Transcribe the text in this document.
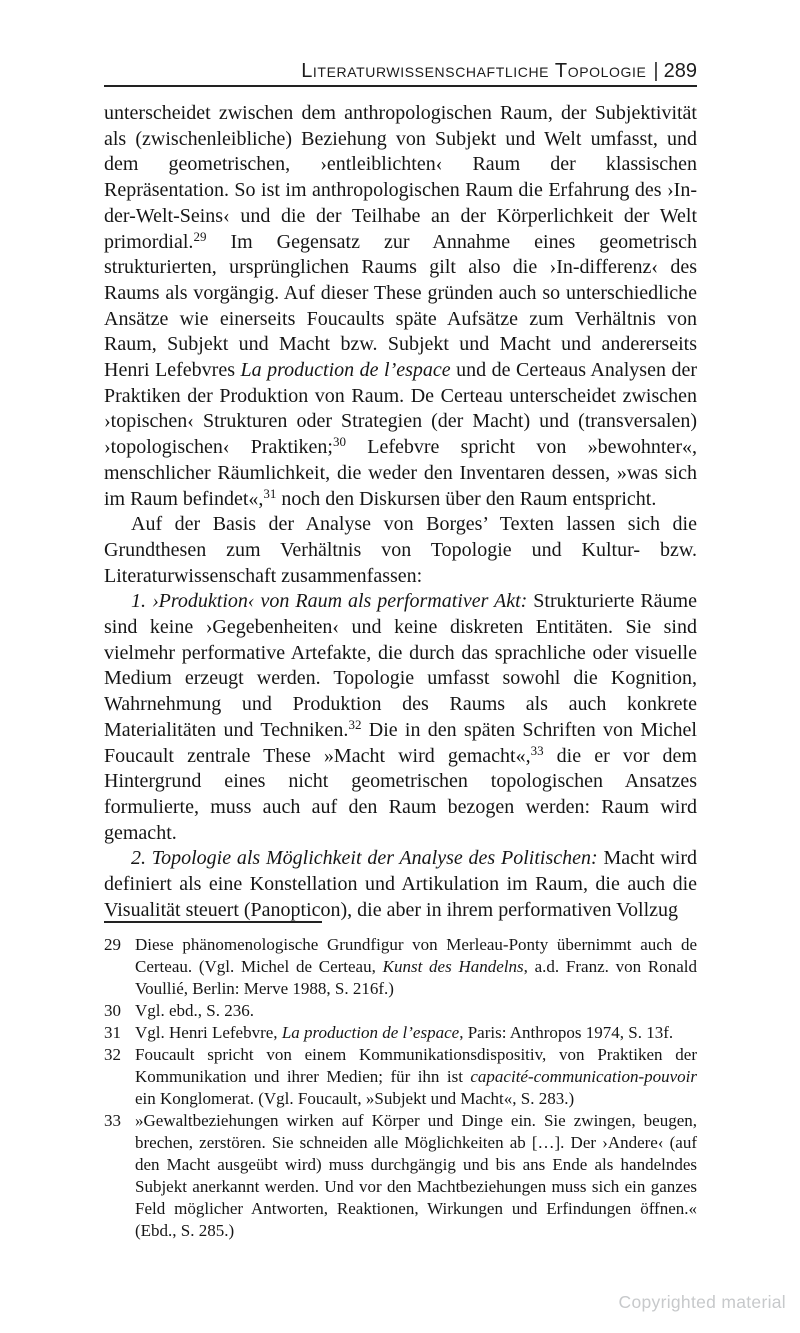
Literaturwissenschaftliche Topologie | 289

unterscheidet zwischen dem anthropologischen Raum, der Subjektivität als (zwischenleibliche) Beziehung von Subjekt und Welt umfasst, und dem geometrischen, ›entleiblichten‹ Raum der klassischen Repräsentation. So ist im anthropologischen Raum die Erfahrung des ›In-der-Welt-Seins‹ und die der Teilhabe an der Körperlichkeit der Welt primordial.$^{29}$ Im Gegensatz zur Annahme eines geometrisch strukturierten, ursprünglichen Raums gilt also die ›In-differenz‹ des Raums als vorgängig. Auf dieser These gründen auch so unterschiedliche Ansätze wie einerseits Foucaults späte Aufsätze zum Verhältnis von Raum, Subjekt und Macht bzw. Subjekt und Macht und andererseits Henri Lefebvres La production de l’espace und de Certeaus Analysen der Praktiken der Produktion von Raum. De Certeau unterscheidet zwischen ›topischen‹ Strukturen oder Strategien (der Macht) und (transversalen) ›topologischen‹ Praktiken;$^{30}$ Lefebvre spricht von »bewohnter«, menschlicher Räumlichkeit, die weder den Inventaren dessen, »was sich im Raum befindet«,$^{31}$ noch den Diskursen über den Raum entspricht.

Auf der Basis der Analyse von Borges’ Texten lassen sich die Grundthesen zum Verhältnis von Topologie und Kultur- bzw. Literaturwissenschaft zusammenfassen:

1. ›Produktion‹ von Raum als performativer Akt: Strukturierte Räume sind keine ›Gegebenheiten‹ und keine diskreten Entitäten. Sie sind vielmehr performative Artefakte, die durch das sprachliche oder visuelle Medium erzeugt werden. Topologie umfasst sowohl die Kognition, Wahrnehmung und Produktion des Raums als auch konkrete Materialitäten und Techniken.$^{32}$ Die in den späten Schriften von Michel Foucault zentrale These »Macht wird gemacht«,$^{33}$ die er vor dem Hintergrund eines nicht geometrischen topologischen Ansatzes formulierte, muss auch auf den Raum bezogen werden: Raum wird gemacht.

2. Topologie als Möglichkeit der Analyse des Politischen: Macht wird definiert als eine Konstellation und Artikulation im Raum, die auch die Visualität steuert (Panopticon), die aber in ihrem performativen Vollzug

29 Diese phänomenologische Grundfigur von Merleau-Ponty übernimmt auch de Certeau. (Vgl. Michel de Certeau, Kunst des Handelns, a.d. Franz. von Ronald Voullié, Berlin: Merve 1988, S. 216f.)
30 Vgl. ebd., S. 236.
31 Vgl. Henri Lefebvre, La production de l’espace, Paris: Anthropos 1974, S. 13f.
32 Foucault spricht von einem Kommunikationsdispositiv, von Praktiken der Kommunikation und ihrer Medien; für ihn ist capacité-communication-pouvoir ein Konglomerat. (Vgl. Foucault, »Subjekt und Macht«, S. 283.)
33 »Gewaltbeziehungen wirken auf Körper und Dinge ein. Sie zwingen, beugen, brechen, zerstören. Sie schneiden alle Möglichkeiten ab […]. Der ›Andere‹ (auf den Macht ausgeübt wird) muss durchgängig und bis ans Ende als handelndes Subjekt anerkannt werden. Und vor den Machtbeziehungen muss sich ein ganzes Feld möglicher Antworten, Reaktionen, Wirkungen und Erfindungen öffnen.« (Ebd., S. 285.)
Copyrighted material
